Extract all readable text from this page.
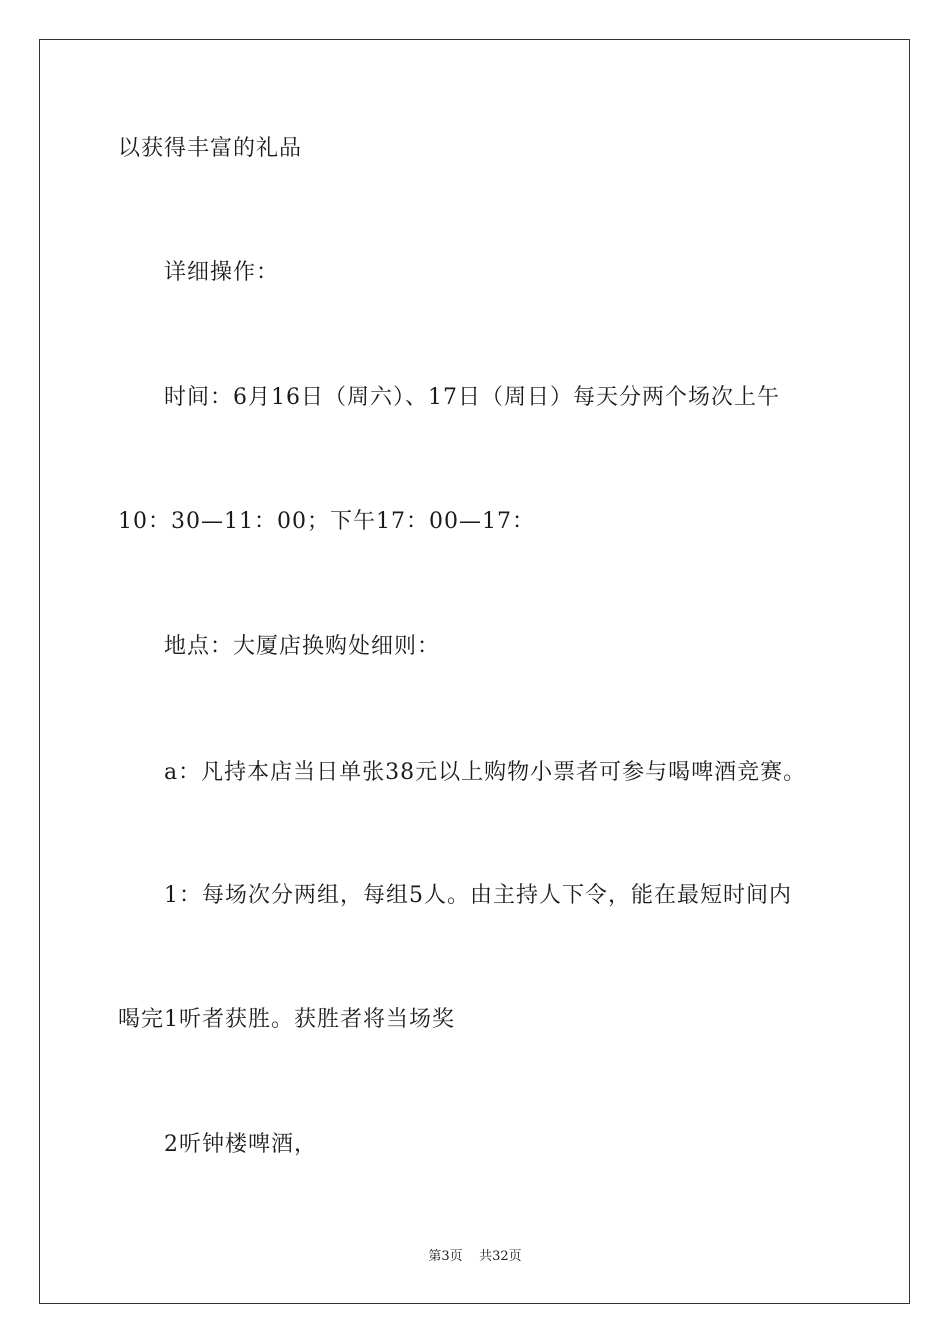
以获得丰富的礼品
详细操作：
时间：6月16日（周六）、17日（周日）每天分两个场次上午
10：30—11：00；下午17：00—17：
地点：大厦店换购处细则：
a：凡持本店当日单张38元以上购物小票者可参与喝啤酒竞赛。
1：每场次分两组，每组5人。由主持人下令，能在最短时间内
喝完1听者获胜。获胜者将当场奖
2听钟楼啤酒，
第3页    共32页
